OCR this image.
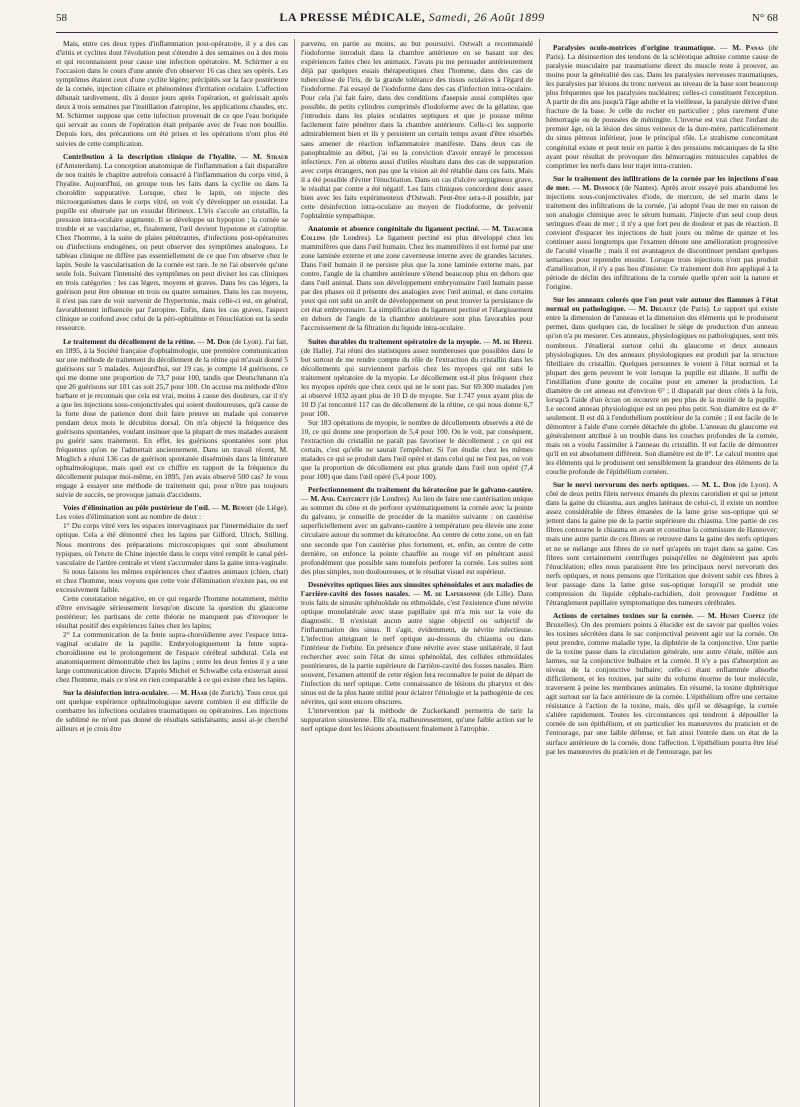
58	LA PRESSE MÉDICALE, Samedi, 26 Août 1899	N° 68

Mais, entre ces deux types d'inflammation post-opératoire, il y a des cas d'iritis et cyclites dont l'évolution peut s'étendre à des semaines ou à des mois et qui reconnaissent pour cause une infection opératoire. M. Schirmer a eu l'occasion dans le cours d'une année d'en observer 16 cas chez ses opérés. Les symptômes étaient ceux d'une cyclite légère; précipités sur la face postérieure de la cornée, injection ciliaire et phénomènes d'irritation oculaire. L'affection débutait tardivement, dix à douze jours après l'opération, et guérissait après deux à trois semaines par l'instillation d'atropine, les applications chaudes, etc. M. Schirmer suppose que cette infection provenait de ce que l'eau boriquée qui servait au cours de l'opération était préparée avec de l'eau non bouillie. Depuis lors, des précautions ont été prises et les opérations n'ont plus été suivies de cette complication.

Contribution à la description clinique de l'hyalite. — M. Straub (d'Amsterdam). La conception anatomique de l'inflammation a fait disparaître de nos traités le chapitre autrefois consacré à l'inflammation du corps vitré, à l'hyalite. Aujourd'hui, on groupe tous les faits dans la cyclite ou dans la choroïdite suppurative. Lorsque, chez le lapin, on injecte des microorganismes dans le corps vitré, on voit s'y développer un exsudat. La pupille est obstruée par un exsudat fibrineux. L'iris s'accole au cristallin, la pression intra-oculaire augmente. Il se développe un hypopion ; la cornée se trouble et se vascularise, et, finalement, l'œil devient hypotone et s'atrophie. Chez l'homme, à la suite de plaies pénétrantes, d'infections post-opératoires ou d'infections endogènes, on peut observer des symptômes analogues. Le tableau clinique ne diffère pas essentiellement de ce que l'on observe chez le lapin. Seule la vascularisation de la cornée est rare. Je ne l'ai observée qu'une seule fois. Suivant l'intensité des symptômes on peut diviser les cas cliniques en trois catégories : les cas légers, moyens et graves. Dans les cas légers, la guérison peut être obtenue en trois ou quatre semaines. Dans les cas moyens, il n'est pas rare de voir survenir de l'hypertonie, mais celle-ci est, en général, favorablement influencée par l'atropine. Enfin, dans les cas graves, l'aspect clinique se confond avec celui de la péri-ophtalmie et l'énucléation est la seule ressource.

Le traitement du décollement de la rétine. — M. Dor (de Lyon). J'ai fait, en 1895, à la Société française d'ophtalmologie, une première communication sur une méthode de traitement du décollement de la rétine qui m'avait donné 5 guérisons sur 5 malades. Aujourd'hui, sur 19 cas, je compte 14 guérisons, ce qui me donne une proportion de 73,7 pour 100, tandis que Deutschmann n'a que 26 guérisons sur 101 cas soit 25,7 pour 100. On accuse ma méthode d'être barbare et je reconnais que cela est vrai, moins à cause des douleurs, car il n'y a que les injections sous-conjonctivales qui soient douloureuses, qu'à cause de la forte dose de patience dont doit faire preuve un malade qui conserve pendant deux mois le décubitus dorsal. On m'a objecté la fréquence des guérisons spontanées, voulant insinuer que la plupart de mes malades auraient pu guérir sans traitement. En effet, les guérisons spontanées sont plus fréquentes qu'on ne l'admettait anciennement. Dans un travail récent, M. Moglich a réuni 136 cas de guérison spontanée disséminés dans la littérature ophtalmologique, mais quel est ce chiffre en rapport de la fréquence du décollement puisque moi-même, en 1895, j'en avais observé 500 cas? Je vous engage à essayer une méthode de traitement qui, pour n'être pas toujours suivie de succès, ne provoque jamais d'accidents.

Voies d'élimination au pôle postérieur de l'œil. — M. Benoit (de Liège). Les voies d'élimination sont au nombre de deux :

1° Du corps vitré vers les espaces intervaginaux par l'intermédiaire du nerf optique. Cela a été démontré chez les lapins par Gifford, Ulrich, Stilling. Nous montrons des préparations microscopiques qui sont absolument typiques, où l'encre de Chine injectée dans le corps vitré remplit le canal péri-vasculaire de l'artère centrale et vient s'accumuler dans la gaine intra-vaginale.

Si nous faisons les mêmes expériences chez d'autres animaux (chien, chat) et chez l'homme, nous voyons que cette voie d'élimination n'existe pas, ou est excessivement faible.

Cette constatation négative, en ce qui regarde l'homme notamment, mérite d'être envisagée sérieusement lorsqu'on discute la question du glaucome postérieur; les partisans de cette théorie ne manquent pas d'invoquer le résultat positif des expériences faites chez les lapins;

2° La communication de la fente supra-choroïdienne avec l'espace intra-vaginal oculaire de la papille. Embryologiquement la fente supra-choroïdienne est le prolongement de l'espace cérébral subdural. Cela est anatomiquement démontrable chez les lapins ; entre les deux fentes il y a une large communication directe. D'après Michel et Schwalbe cela existerait aussi chez l'homme, mais ce n'est en rien comparable à ce qui existe chez les lapins.

Sur la désinfection intra-oculaire. — M. Haab (de Zurich). Tous ceux qui ont quelque expérience ophtalmologique savent combien il est difficile de combattre les infections oculaires traumatiques ou opératoires. Les injections de sublimé ne m'ont pas donné de résultats satisfaisants; aussi ai-je cherché ailleurs et je crois être

parvenu, en partie au moins, au but poursuivi. Ostwalt a recommandé l'iodoforme introduit dans la chambre antérieure en se basant sur des expériences faites chez les animaux. J'avais pu me persuader antérieurement déjà par quelques essais thérapeutiques chez l'homme, dans des cas de tuberculose de l'iris, de la grande tolérance des tissus oculaires à l'égard de l'iodoforme. J'ai essayé de l'iodoforme dans des cas d'infection intra-oculaire. Pour cela j'ai fait faire, dans des conditions d'asepsie aussi complètes que possible, de petits cylindres comprimés d'iodoforme avec de la gélatine, que j'introduis dans les plaies oculaires septiques et que je pousse même facilement faire pénétrer dans la chambre antérieure. Celle-ci les supporte admirablement bien et ils y persistent un certain temps avant d'être résorbés sans amener de réaction inflammatoire manifeste. Dans deux cas de panophtalmie au début, j'ai eu la conviction d'avoir enrayé le processus infectieux. J'en ai obtenu aussi d'utiles résultats dans des cas de suppuration avec corps étrangers, non pas que la vision ait été rétablie dans ces faits. Mais il a été possible d'éviter l'énucléation. Dans un cas d'ulcère serpigineux grave, le résultat par contre a été négatif. Les faits cliniques concordent donc assez bien avec les faits expérimenteux d'Ostwalt. Peut-être sera-t-il possible, par cette désinfection intra-oculaire au moyen de l'iodoforme, de prévenir l'ophtalmie sympathique.

Anatomie et absence congénitale du ligament pectiné. — M. Treacher Collins (de Londres). Le ligament pectiné est plus développé chez les mammifères que dans l'œil humain. Chez les mammifères il est formé par une zone laminée externe et une zone caverneuse interne avec de grandes lacunes. Dans l'œil humain il ne persiste plus que la zone laminée externe mais, par contre, l'angle de la chambre antérieure s'étend beaucoup plus en dehors que dans l'œil animal. Dans son développement embryonnaire l'œil humain passe par des phases où il présente des analogies avec l'œil animal, et dans certains yeux qui ont subi un arrêt de développement on peut trouver la persistance de cet état embryonnaire. La simplification du ligament pectiné et l'élargissement en dehors de l'angle de la chambre antérieure sont plus favorables pour l'accroissement de la filtration du liquide intra-oculaire.

Suites durables du traitement opératoire de la myopie. — M. de Hippel (de Halle). J'ai réuni des statistiques assez nombreuses que possibles dans le but surtout de me rendre compte du rôle de l'extraction du cristallin dans les décollements qui surviennent parfois chez les myopes qui ont subi le traitement opératoire de la myopie. Le décollement est-il plus fréquent chez les myopes opérés que chez ceux qui ne le sont pas. Sur 69.300 malades j'en ai observé 1032 ayant plus de 10 D de myopie. Sur 1.747 yeux ayant plus de 10 D j'ai rencontré 117 cas de décollement de la rétine, ce qui nous donne 6,7 pour 100.

Sur 183 opérations de myopie, le nombre de décollements observés a été de 10, ce qui donne une proportion de 5,4 pour 100. On le voit, par conséquent, l'extraction du cristallin ne paraît pas favoriser le décollement ; ce qui est certain, c'est qu'elle ne saurait l'empêcher. Si l'on étudie chez les mêmes malades ce qui se produit dans l'œil opéré et dans celui qui ne l'est pas, on voit que la proportion de décollement est plus grande dans l'œil non opéré (7,4 pour 100) que dans l'œil opéré (5,4 pour 100).

Perfectionnement du traitement du kératocône par le galvano-cautère. — M. And. Critchett (de Londres). Au lieu de faire une cautérisation unique au sommet du cône et de perforer systématiquement la cornée avec la pointe du galvano, je conseille de procéder de la manière suivante : on cautérise superficiellement avec un galvano-cautère à température peu élevée une zone circulaire autour du sommet du kératocône. Au centre de cette zone, on en fait une seconde que l'on cautérise plus fortement, et, enfin, au centre de cette dernière, on enfonce la pointe chauffée au rouge vif en pénétrant aussi profondément que possible sans toutefois perforer la cornée. Les suites sont des plus simples, non douloureuses, et le résultat visuel est supérieur.

Desnévrites optiques liées aux sinusites sphénoïdales et aux maladies de l'arrière-cavité des fosses nasales. — M. de Lapersonne (de Lille). Dans trois faits de sinusite sphénoïdale ou ethmoïdale, c'est l'existence d'une névrite optique monolatérale avec stase papillaire qui m'a mis sur la voie du diagnostic. Il n'existait aucun autre signe objectif ou subjectif de l'inflammation des sinus. Il s'agit, évidemment, de névrite infectieuse. L'infection atteignant le nerf optique au-dessous du chiasma ou dans l'intérieur de l'orbite. En présence d'une névrite avec stase unilatérale, il faut rechercher avec soin l'état du sinus sphénoïdal, des cellules ethmoïdales postérieures, de la partie supérieure de l'arrière-cavité des fosses nasales. Bien souvent, l'examen attentif de cette région fera reconnaître le point de départ de l'infection du nerf optique. Cette connaissance de lésions du pharynx et des sinus est de la plus haute utilité pour éclairer l'étiologie et la pathogénie de ces névrites, qui sont encore obscures.

L'intervention par la méthode de Zuckerkandl permettra de tarir la suppuration sinusienne. Elle n'a, malheureusement, qu'une faible action sur le nerf optique dont les lésions aboutissent finalement à l'atrophie.

Paralysies oculo-motrices d'origine traumatique. — M. Panas (de Paris). La désinsertion des tendons de la sclérotique admise comme cause de paralysie musculaire par traumatisme direct du muscle reste à prouver, au moins pour la généralité des cas. Dans les paralysies nerveuses traumatiques, les paralysies par lésions du tronc nerveux au niveau de la base sont beaucoup plus fréquentes que les paralysies nucléaires; celles-ci constituent l'exception. A partir de dix ans jusqu'à l'âge adulte et la vieillesse, la paralysie dérive d'une fracture de la base. Je celle du rocher en particulier ; plus rarement d'une hémorragie ou de poussées de méningite. L'inverse est vrai chez l'enfant du premier âge, où la lésion des sinus veineux de la dure-mère, particulièrement du sinus pétreux inférieur, joue le principal rôle. Le strabisme concomitant congénital existe et peut tenir en partie à des pressions mécaniques de la tête ayant pour résultat de provoquer des hémorragies minuscules capables de comprimer les nerfs dans leur trajet intra-cranien.

Sur le traitement des infiltrations de la cornée par les injections d'eau de mer. — M. Dianoux (de Nantes). Après avoir essayé puis abandonné les injections sous-conjonctivales d'iode, de mercure, de sel marin dans le traitement des infiltrations de la cornée, j'ai adopté l'eau de mer en raison de son analogie chimique avec le sérum humain. J'injecte d'un seul coup deux seringues d'eau de mer ; il n'y a que fort peu de douleur et pas de réaction. Il convient d'espacer les injections de huit jours ou même de quinze et les continuer aussi longtemps que l'examen dénote une amélioration progressive de l'acuité visuelle ; mais il est avantageux de discontinuer pendant quelques semaines pour reprendre ensuite. Lorsque trois injections n'ont pas produit d'amélioration, il n'y a pas lieu d'insister. Ce traitement doit être appliqué à la période de déclin des infiltrations de la cornée quelle qu'en soit la nature et l'origine.

Sur les anneaux colorés que l'on peut voir autour des flammes à l'état normal ou pathologique. — M. Druault (de Paris). Le rapport qui existe entre la dimension de l'anneau et la dimension des éléments qui le produisent permet, dans quelques cas, de localiser le siège de production d'un anneau qu'on n'a pu mesurer. Ces anneaux, physiologiques ou pathologiques, sont très nombreux. J'étudierai surtout celui du glaucome et deux anneaux physiologiques. Un des anneaux physiologiques est produit par la structure fibrillaire du cristallin. Quelques personnes le voient à l'état normal et la plupart des gens peuvent le voir lorsque la pupille est dilatée. Il suffit de l'instillation d'une goutte de cocaïne pour en amener la production. Le diamètre de cet anneau est d'environ 6° ; il disparaît par deux côtés à la fois, lorsqu'à l'aide d'un écran on recouvre un peu plus de la moitié de la pupille. Le second anneau physiologique est un peu plus petit. Son diamètre est de 4° seulement. Il est dû à l'endothélium postérieur de la cornée ; il est facile de le démontrer à l'aide d'une cornée détachée du globe. L'anneau du glaucome est généralement attribué à un trouble dans les couches profondes de la cornée, mais on a voulu l'assimiler à l'anneau du cristallin. Il est facile de démontrer qu'il en est absolument différent. Son diamètre est de 8°. Le calcul montre que les éléments qui le produisent ont sensiblement la grandeur des éléments de la couche profonde de l'épithélium cornéen.

Sur le nervi nervorum des nerfs optiques. — M. L. Dor (de Lyon). A côté de deux petits filets nerveux émanés du plexus carotidien et qui se jettent dans la gaine du chiasma, aux angles latéraux de celui-ci, il existe un nombre assez considérable de fibres émanées de la lame grise sus-optique qui se jettent dans la gaine pie de la partie supérieure du chiasma. Une partie de ces fibres contourne le chiasma en avant et constitue la commissure de Hannover; mais une autre partie de ces fibres se retrouve dans la gaine des nerfs optiques et ne se mélange aux fibres de ce nerf qu'après un trajet dans sa gaine. Ces fibres sont certainement centrifuges puisqu'elles ne dégénèrent pas après l'énucléation; elles nous paraissent être les principaux nervi nervorum des nerfs optiques, et nous pensons que l'irritation que doivent subir ces fibres à leur passage dans la lame grise sus-optique lorsqu'il se produit une compression du liquide céphalo-rachidien, doit provoquer l'œdème et l'étranglement papillaire symptomatique des tumeurs cérébrales.

Actions de certaines toxines sur la cornée. — M. Henry Coppez (de Bruxelles). On des premiers points à élucider est de savoir par quelles voies les toxines sécrétées dans le sac conjonctival peuvent agir sur la cornée. On peut prendre, comme maladie type, la diphtérie de la conjonctive. Une partie de la toxine passe dans la circulation générale, une autre s'étale, mêlée aux larmes, sur la conjonctive bulbaire et la cornée. Il n'y a pas d'absorption au niveau de la conjonctive bulbaire; celle-ci étant enflammée absorbe difficilement, et les toxines, par suite du volume énorme de leur molécule, traversent à peine les membranes animales. En résumé, la toxine diphtérique agit surtout sur la face antérieure de la cornée. L'épithélium offre une certaine résistance à l'action de la toxine, mais, dès qu'il se désagrège, la cornée s'altère rapidement. Toutes les circonstances qui tendront à dépouiller la cornée de son épithélium, et en particulier les manœuvres du praticien et de l'entourage, par une faible défense, et fait ainsi l'entrée dans un état de la surface antérieure de la cornée, donc l'affection. L'épithélium pourra être lésé par les manœuvres du praticien et de l'entourage, par les
